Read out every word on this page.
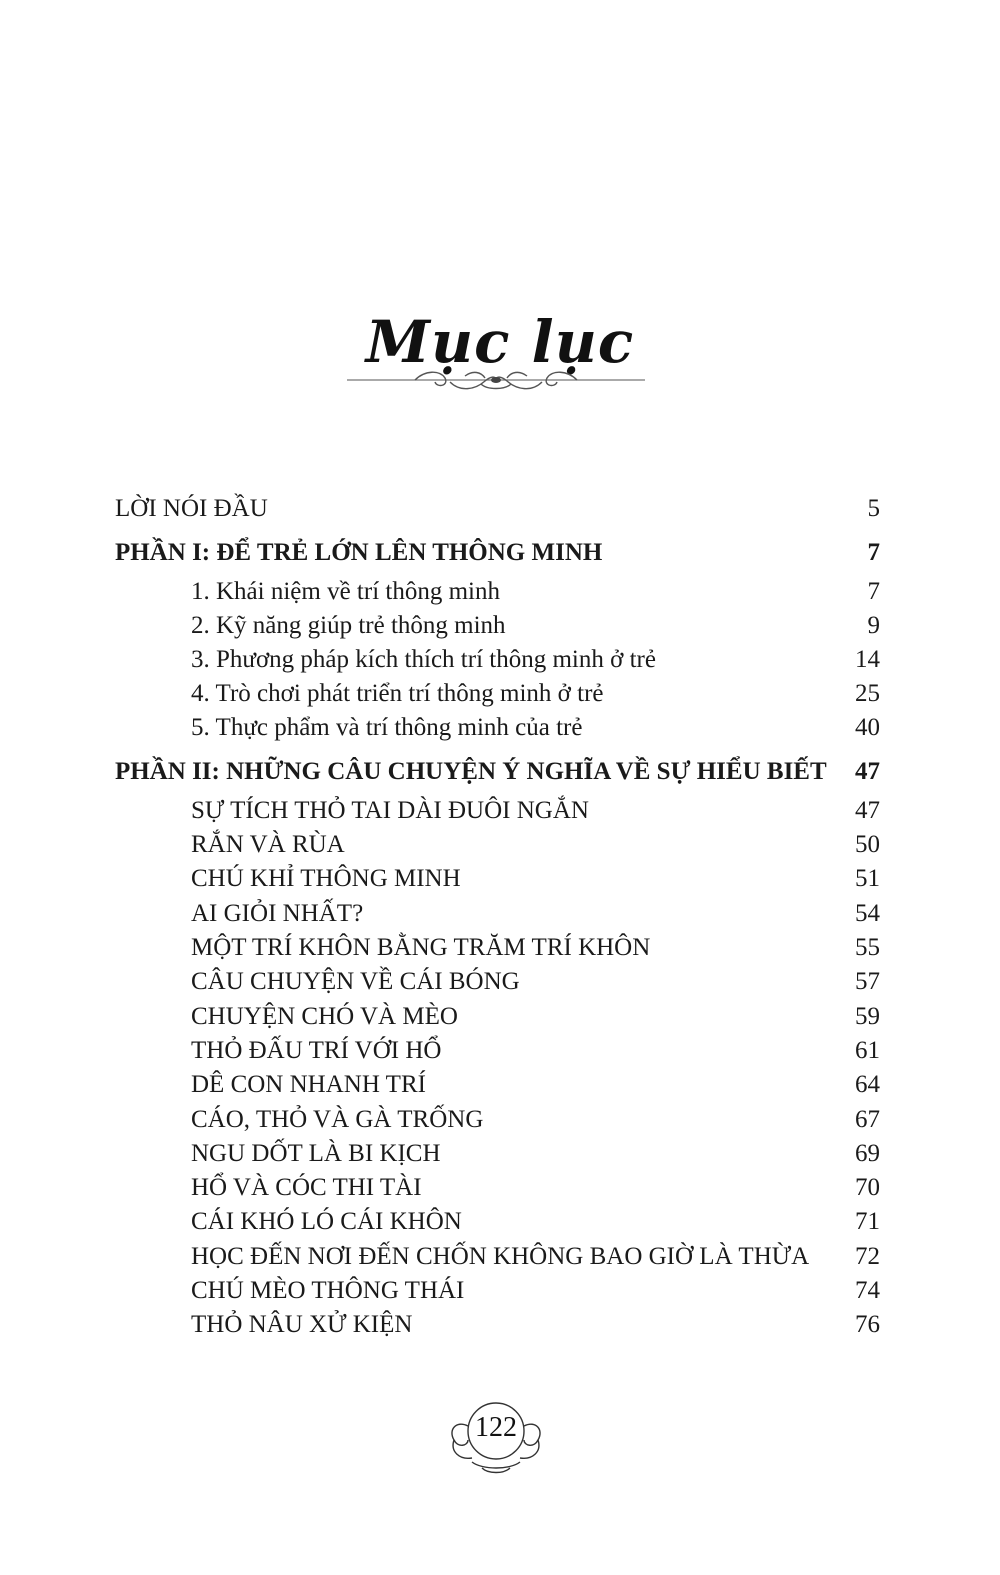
Mục lục
LỜI NÓI ĐẦU	5
PHẦN I: ĐỂ TRẺ LỚN LÊN THÔNG MINH	7
1. Khái niệm về trí thông minh	7
2. Kỹ năng giúp trẻ thông minh	9
3. Phương pháp kích thích trí thông minh ở trẻ	14
4. Trò chơi phát triển trí thông minh ở trẻ	25
5. Thực phẩm và trí thông minh của trẻ	40
PHẦN II: NHỮNG CÂU CHUYỆN Ý NGHĨA VỀ SỰ HIỂU BIẾT 47
SỰ TÍCH THỎ TAI DÀI ĐUÔI NGẮN	47
RẮN VÀ RÙA	50
CHÚ KHỈ THÔNG MINH	51
AI GIỎI NHẤT?	54
MỘT TRÍ KHÔN BẰNG TRĂM TRÍ KHÔN	55
CÂU CHUYỆN VỀ CÁI BÓNG	57
CHUYỆN CHÓ VÀ MÈO	59
THỎ ĐẤU TRÍ VỚI HỔ	61
DÊ CON NHANH TRÍ	64
CÁO, THỎ VÀ GÀ TRỐNG	67
NGU DỐT LÀ BI KỊCH	69
HỔ VÀ CÓC THI TÀI	70
CÁI KHÓ LÓ CÁI KHÔN	71
HỌC ĐẾN NƠI ĐẾN CHỐN KHÔNG BAO GIỜ LÀ THỪA 72
CHÚ MÈO THÔNG THÁI	74
THỎ NÂU XỬ KIỆN	76
122
